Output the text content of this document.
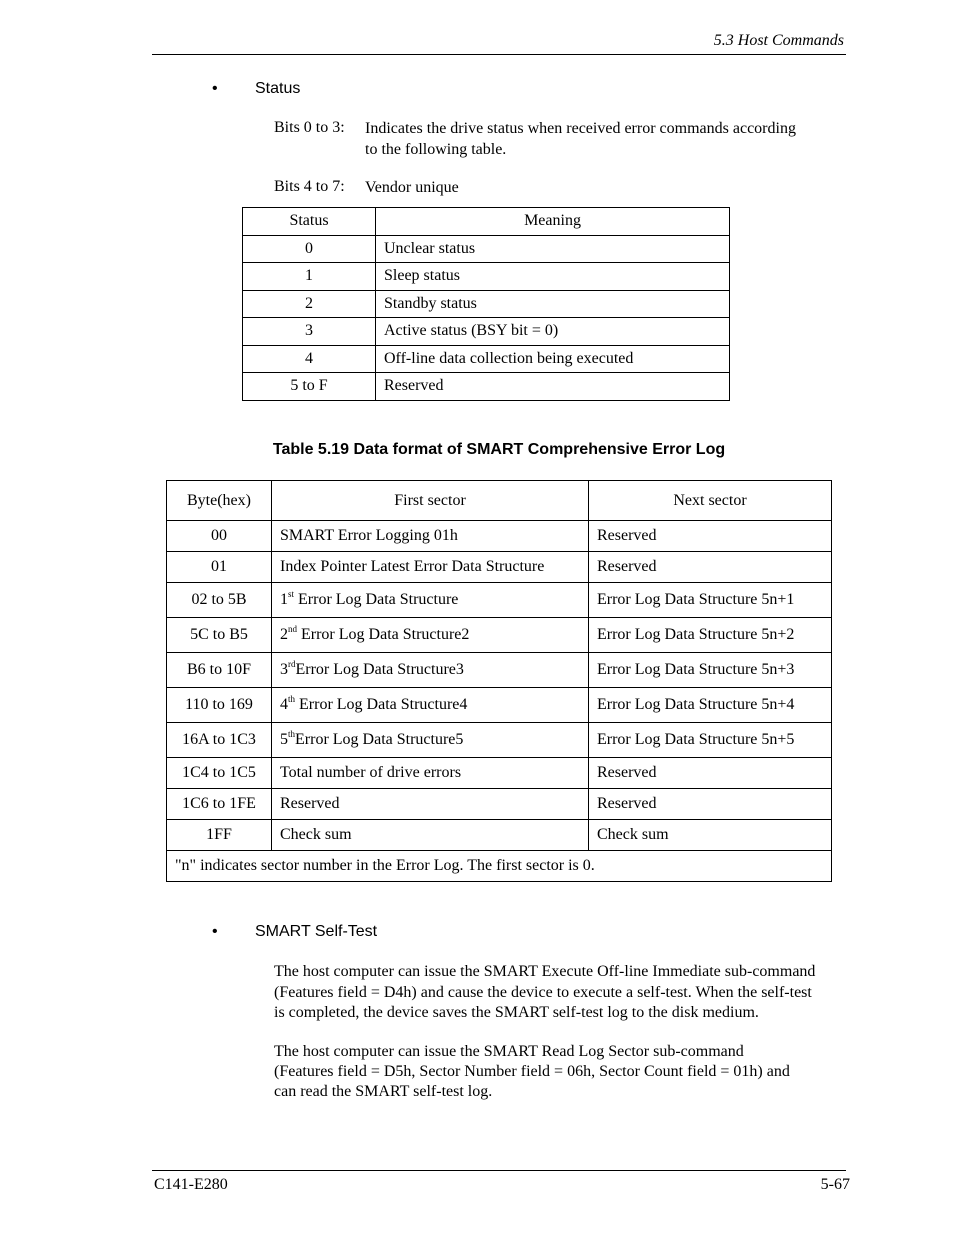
5.3 Host Commands
• Status
Bits 0 to 3: Indicates the drive status when received error commands according
to the following table.
Bits 4 to 7: Vendor unique
Status	Meaning
0	Unclear status
1	Sleep status
2	Standby status
3	Active status (BSY bit = 0)
4	Off-line data collection being executed
5 to F	Reserved
Table 5.19 Data format of SMART Comprehensive Error Log
Byte(hex)	First sector	Next sector
00	SMART Error Logging 01h	Reserved
01	Index Pointer Latest Error Data Structure	Reserved
02 to 5B	1st Error Log Data Structure	Error Log Data Structure 5n+1
5C to B5	2nd Error Log Data Structure2	Error Log Data Structure 5n+2
B6 to 10F	3rdError Log Data Structure3	Error Log Data Structure 5n+3
110 to 169	4th Error Log Data Structure4	Error Log Data Structure 5n+4
16A to 1C3	5thError Log Data Structure5	Error Log Data Structure 5n+5
1C4 to 1C5	Total number of drive errors	Reserved
1C6 to 1FE	Reserved	Reserved
1FF	Check sum	Check sum
"n" indicates sector number in the Error Log. The first sector is 0.		
• SMART Self-Test
The host computer can issue the SMART Execute Off-line Immediate sub-command
(Features field = D4h) and cause the device to execute a self-test. When the self-test
is completed, the device saves the SMART self-test log to the disk medium.
The host computer can issue the SMART Read Log Sector sub-command
(Features field = D5h, Sector Number field = 06h, Sector Count field = 01h) and
can read the SMART self-test log.
C141-E280	5-67
